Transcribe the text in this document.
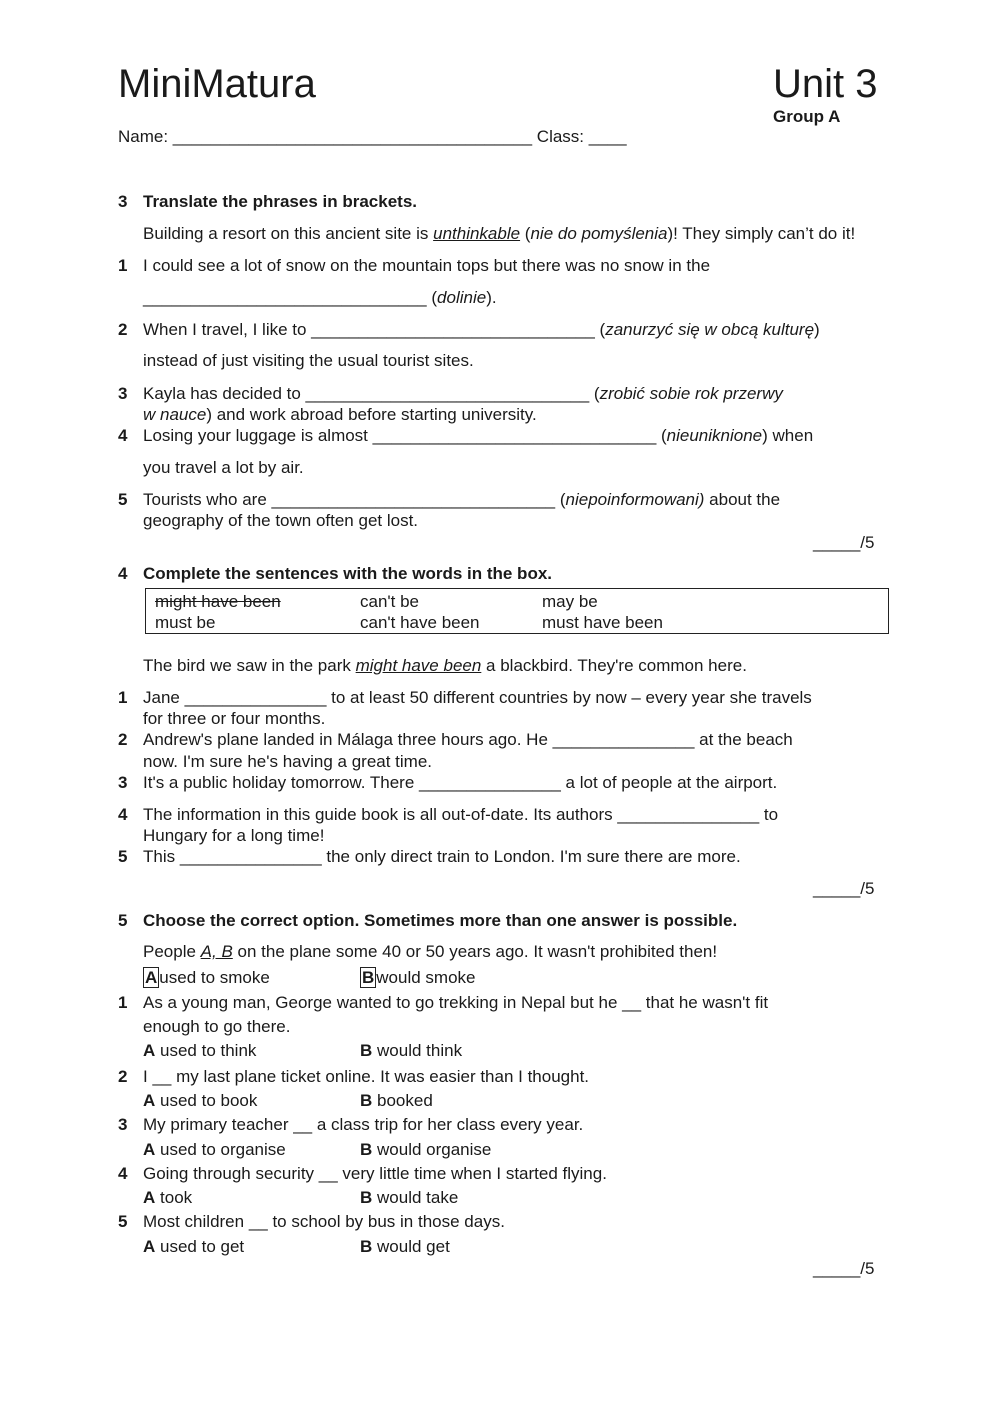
MiniMatura	Unit 3
Group A
Name: ______________________________________ Class: ____
3 Translate the phrases in brackets.
Building a resort on this ancient site is unthinkable (nie do pomyślenia)! They simply can’t do it!
1 I could see a lot of snow on the mountain tops but there was no snow in the
______________________________ (dolinie).
2 When I travel, I like to ______________________________ (zanurzyć się w obcą kulturę)
instead of just visiting the usual tourist sites.
3 Kayla has decided to ______________________________ (zrobić sobie rok przerwy
w nauce) and work abroad before starting university.
4 Losing your luggage is almost ______________________________ (nieuniknione) when
you travel a lot by air.
5 Tourists who are ______________________________ (niepoinformowani) about the
geography of the town often get lost.
_____/5
4 Complete the sentences with the words in the box.
might have been	can't be	may be
must be	can't have been	must have been
The bird we saw in the park might have been a blackbird. They're common here.
1 Jane _______________ to at least 50 different countries by now – every year she travels
for three or four months.
2 Andrew's plane landed in Málaga three hours ago. He _______________ at the beach
now. I'm sure he's having a great time.
3 It's a public holiday tomorrow. There _______________ a lot of people at the airport.
4 The information in this guide book is all out-of-date. Its authors _______________ to
Hungary for a long time!
5 This _______________ the only direct train to London. I'm sure there are more.
_____/5
5 Choose the correct option. Sometimes more than one answer is possible.
People A, B on the plane some 40 or 50 years ago. It wasn't prohibited then!
A used to smoke	B would smoke
1 As a young man, George wanted to go trekking in Nepal but he __ that he wasn't fit
enough to go there.
A used to think	B would think
2 I __ my last plane ticket online. It was easier than I thought.
A used to book	B booked
3 My primary teacher __ a class trip for her class every year.
A used to organise	B would organise
4 Going through security __ very little time when I started flying.
A took	B would take
5 Most children __ to school by bus in those days.
A used to get	B would get
_____/5
